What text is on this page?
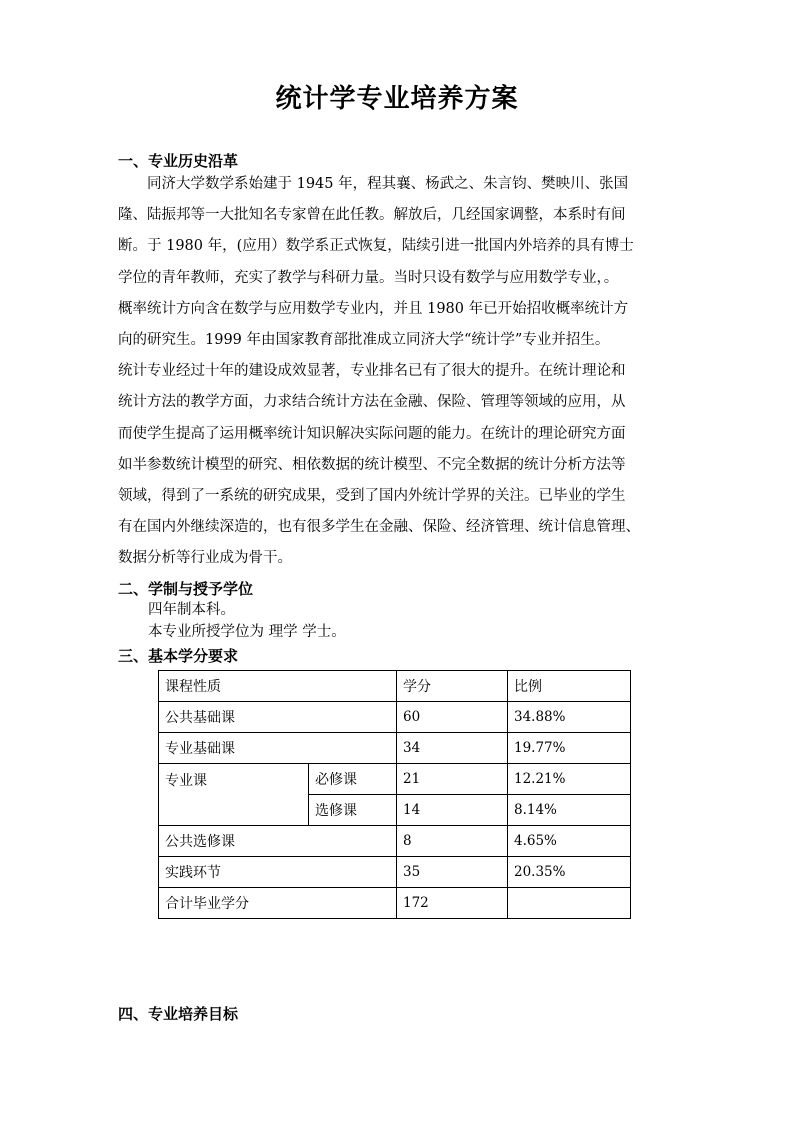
统计学专业培养方案
一、专业历史沿革
同济大学数学系始建于 1945 年，程其襄、杨武之、朱言钧、樊映川、张国
隆、陆振邦等一大批知名专家曾在此任教。解放后，几经国家调整，本系时有间
断。于 1980 年，(应用）数学系正式恢复，陆续引进一批国内外培养的具有博士
学位的青年教师，充实了教学与科研力量。当时只设有数学与应用数学专业，。
概率统计方向含在数学与应用数学专业内，并且 1980 年已开始招收概率统计方
向的研究生。1999 年由国家教育部批准成立同济大学“统计学”专业并招生。
统计专业经过十年的建设成效显著，专业排名已有了很大的提升。在统计理论和
统计方法的教学方面，力求结合统计方法在金融、保险、管理等领域的应用，从
而使学生提高了运用概率统计知识解决实际问题的能力。在统计的理论研究方面
如半参数统计模型的研究、相依数据的统计模型、不完全数据的统计分析方法等
领域，得到了一系统的研究成果，受到了国内外统计学界的关注。已毕业的学生
有在国内外继续深造的，也有很多学生在金融、保险、经济管理、统计信息管理、
数据分析等行业成为骨干。
二、学制与授予学位
四年制本科。
本专业所授学位为 理学 学士。
三、基本学分要求
课程性质		学分	比例
公共基础课		60	34.88%
专业基础课		34	19.77%
专业课	必修课	21	12.21%
	选修课	14	8.14%
公共选修课		8	4.65%
实践环节		35	20.35%
合计毕业学分		172	
四、专业培养目标
